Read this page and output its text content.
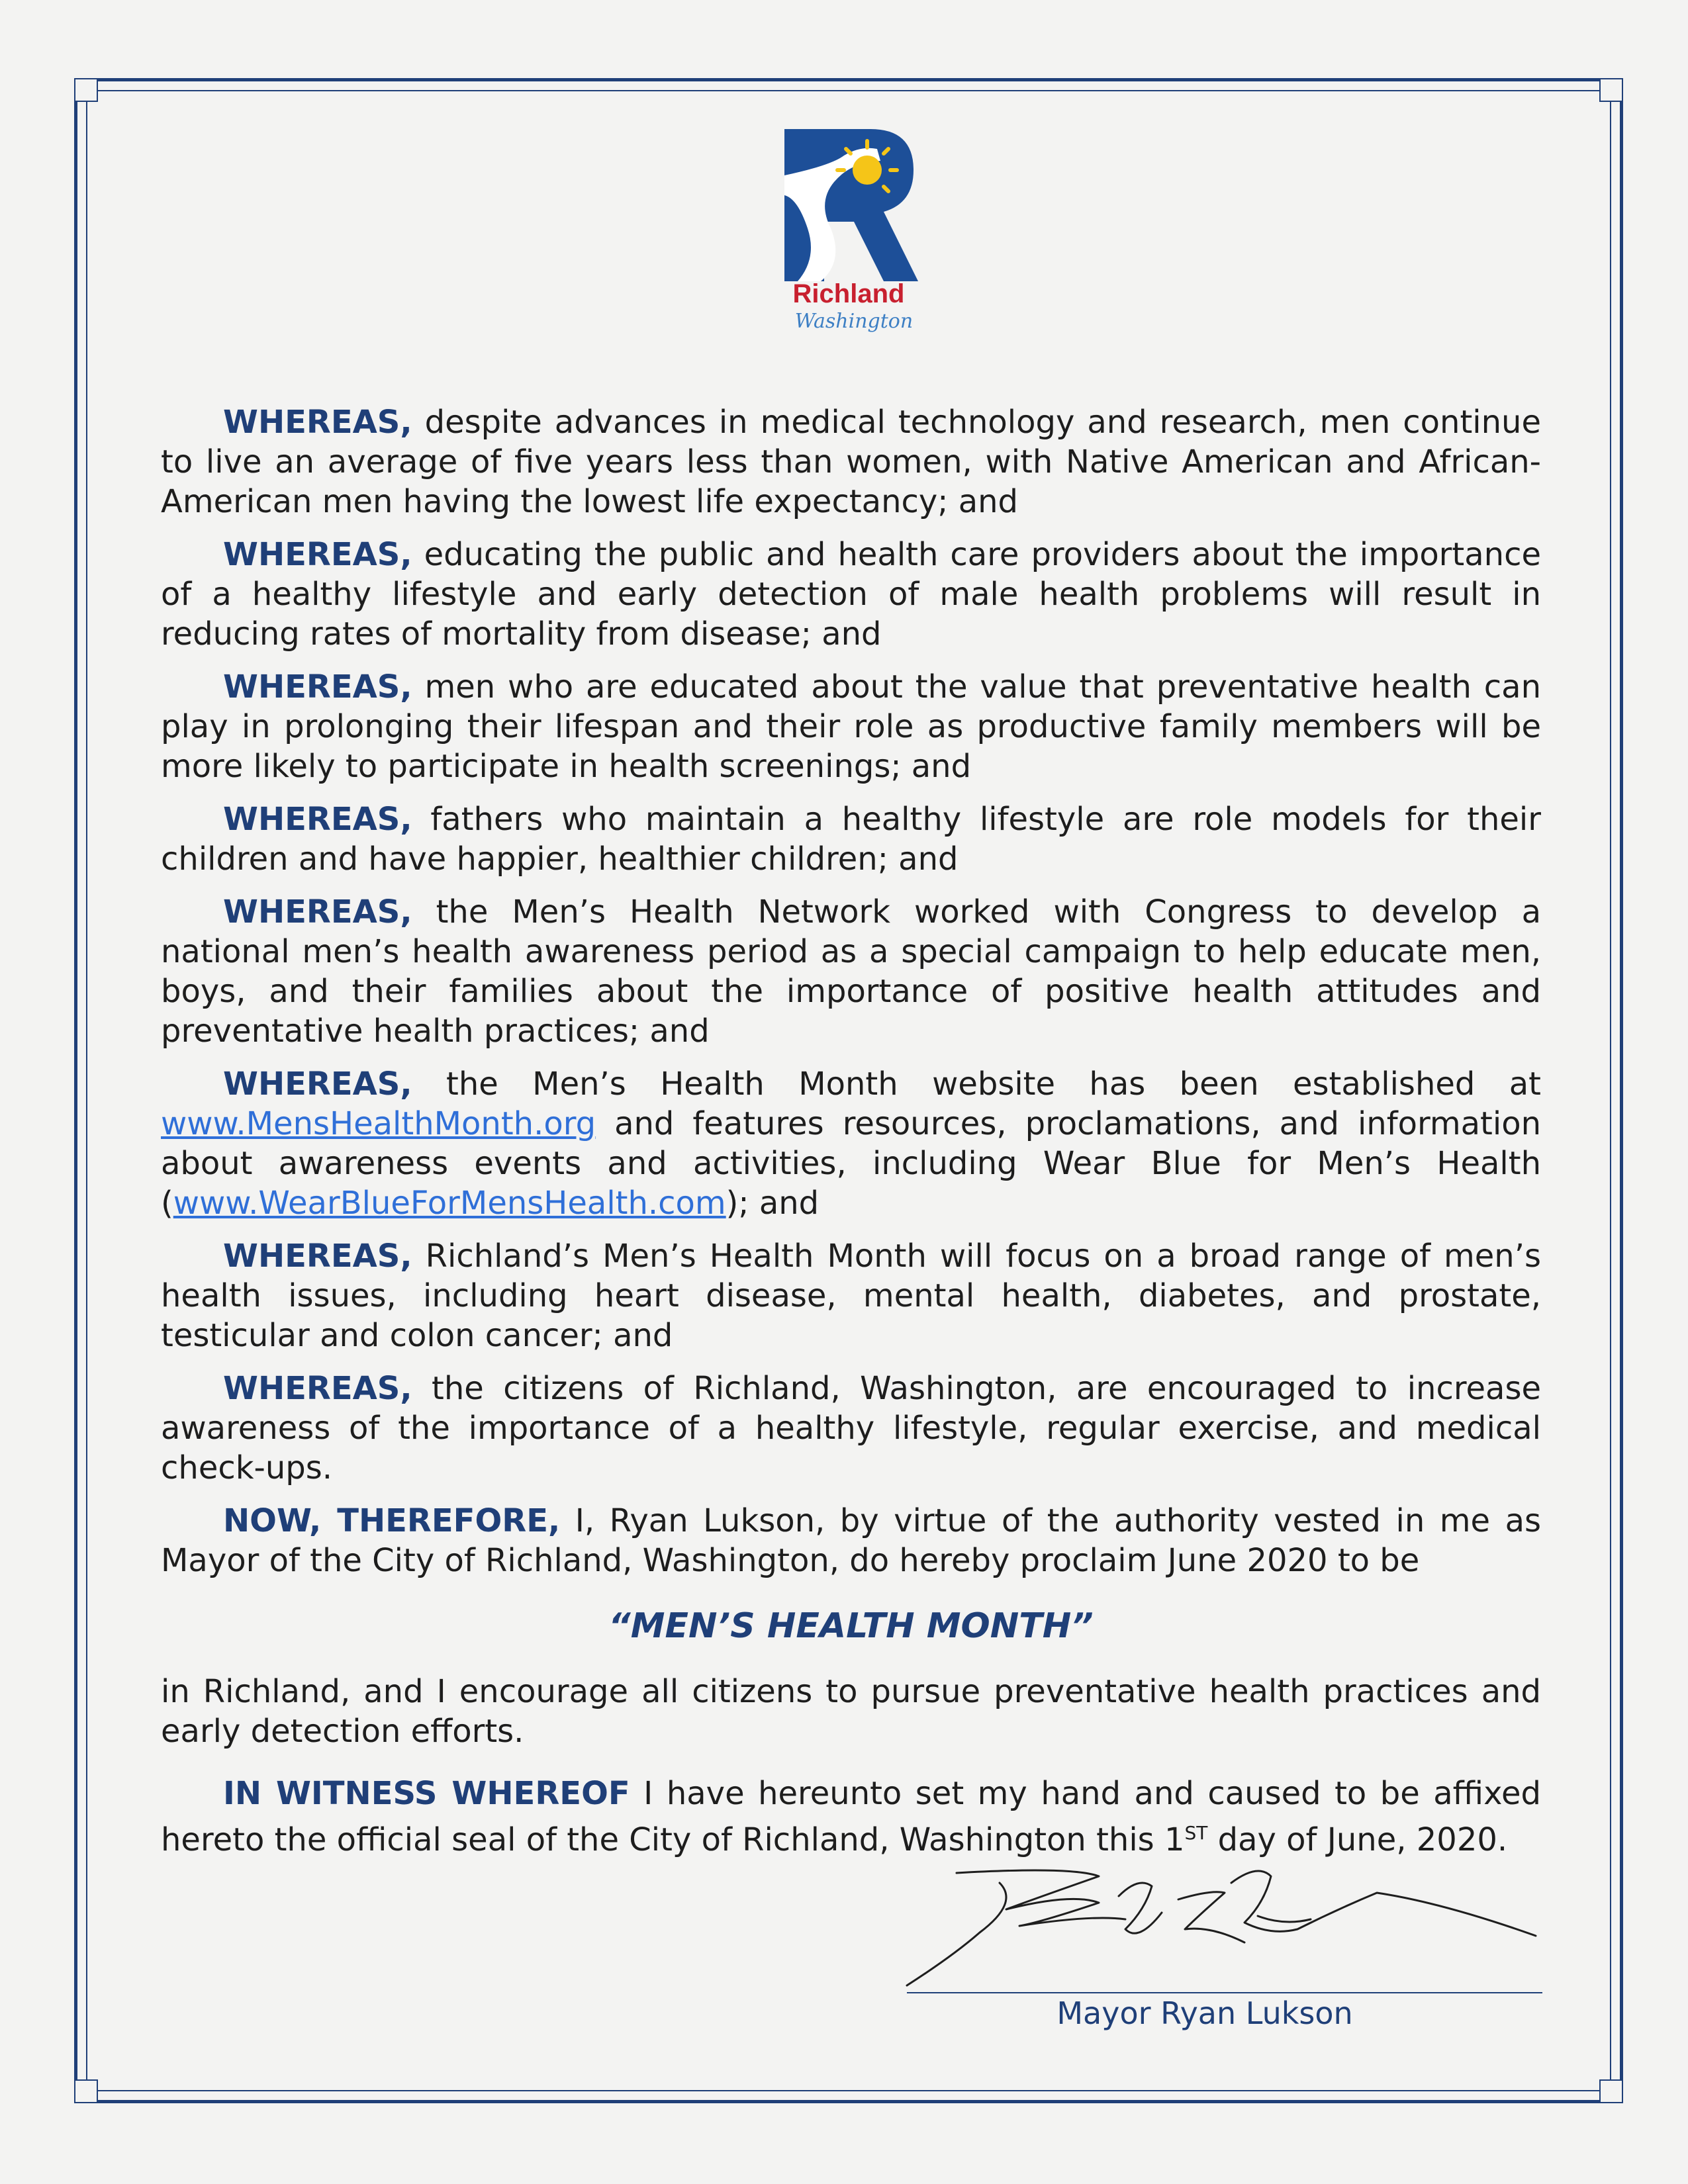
Richland
Washington

WHEREAS, despite advances in medical technology and research, men continue to live an average of five years less than women, with Native American and African-American men having the lowest life expectancy; and

WHEREAS, educating the public and health care providers about the importance of a healthy lifestyle and early detection of male health problems will result in reducing rates of mortality from disease; and

WHEREAS, men who are educated about the value that preventative health can play in prolonging their lifespan and their role as productive family members will be more likely to participate in health screenings; and

WHEREAS, fathers who maintain a healthy lifestyle are role models for their children and have happier, healthier children; and

WHEREAS, the Men’s Health Network worked with Congress to develop a national men’s health awareness period as a special campaign to help educate men, boys, and their families about the importance of positive health attitudes and preventative health practices; and

WHEREAS, the Men’s Health Month website has been established at www.MensHealthMonth.org and features resources, proclamations, and information about awareness events and activities, including Wear Blue for Men’s Health (www.WearBlueForMensHealth.com); and

WHEREAS, Richland’s Men’s Health Month will focus on a broad range of men’s health issues, including heart disease, mental health, diabetes, and prostate, testicular and colon cancer; and

WHEREAS, the citizens of Richland, Washington, are encouraged to increase awareness of the importance of a healthy lifestyle, regular exercise, and medical check-ups.

NOW, THEREFORE, I, Ryan Lukson, by virtue of the authority vested in me as Mayor of the City of Richland, Washington, do hereby proclaim June 2020 to be

“MEN’S HEALTH MONTH”

in Richland, and I encourage all citizens to pursue preventative health practices and early detection efforts.

IN WITNESS WHEREOF I have hereunto set my hand and caused to be affixed hereto the official seal of the City of Richland, Washington this 1ST day of June, 2020.

Mayor Ryan Lukson
